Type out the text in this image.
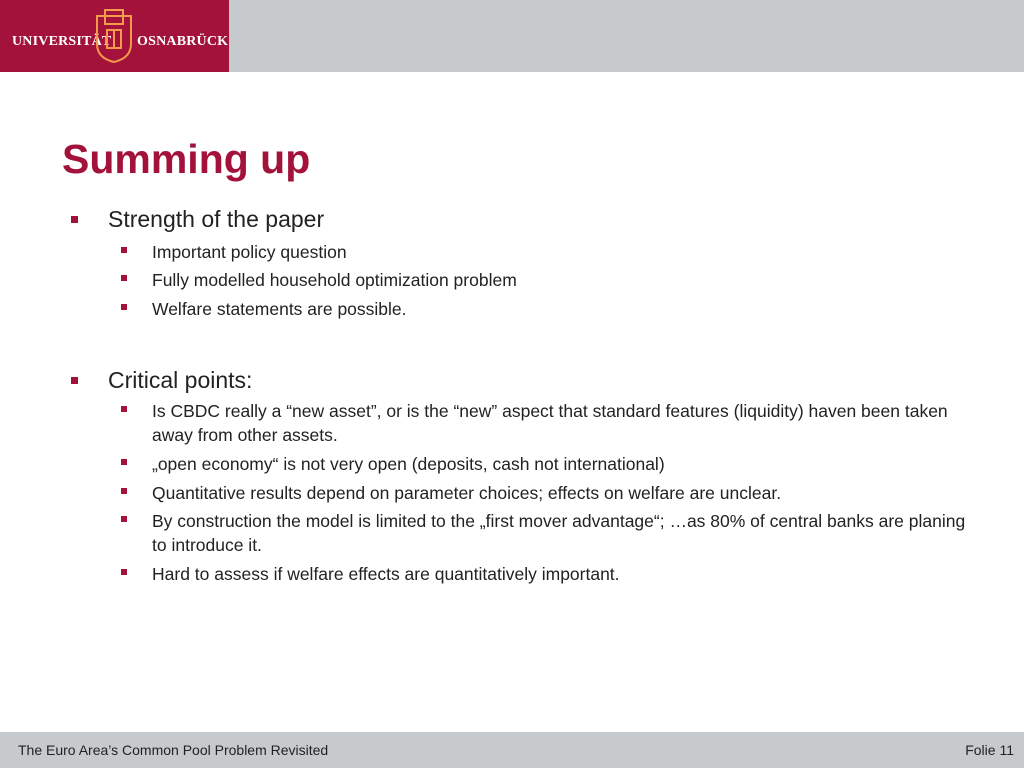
UNIVERSITÄT OSNABRÜCK
Summing up
Strength of the paper
Important policy question
Fully modelled household optimization problem
Welfare statements are possible.
Critical points:
Is CBDC really a “new asset”, or is the “new” aspect that standard features (liquidity) haven been taken away from other assets.
„open economy“ is not very open (deposits, cash not international)
Quantitative results depend on parameter choices; effects on welfare are unclear.
By construction the model is limited to the „first mover advantage“; …as 80% of central banks are planing to introduce it.
Hard to assess if welfare effects are quantitatively important.
The Euro Area’s Common Pool Problem Revisited	Folie 11
